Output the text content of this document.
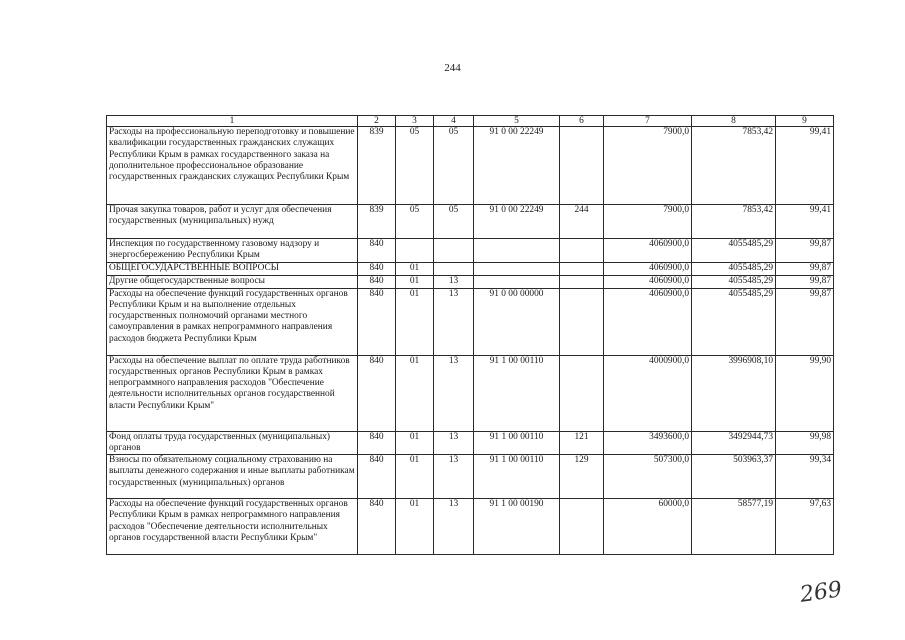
244
1	2	3	4	5	6	7	8	9
Расходы на профессиональную переподготовку и повышение квалификации государственных гражданских служащих Республики Крым в рамках государственного заказа на дополнительное профессиональное образование государственных гражданских служащих Республики Крым	839	05	05	91 0 00 22249		7900,0	7853,42	99,41
Прочая закупка товаров, работ и услуг для обеспечения государственных (муниципальных) нужд	839	05	05	91 0 00 22249	244	7900,0	7853,42	99,41
Инспекция по государственному газовому надзору и энергосбережению Республики Крым	840					4060900,0	4055485,29	99,87
ОБЩЕГОСУДАРСТВЕННЫЕ ВОПРОСЫ	840	01				4060900,0	4055485,29	99,87
Другие общегосударственные вопросы	840	01	13			4060900,0	4055485,29	99,87
Расходы на обеспечение функций государственных органов Республики Крым и на выполнение отдельных государственных полномочий органами местного самоуправления в рамках непрограммного направления расходов бюджета Республики Крым	840	01	13	91 0 00 00000		4060900,0	4055485,29	99,87
Расходы на обеспечение выплат по оплате труда работников государственных органов Республики Крым в рамках непрограммного направления расходов "Обеспечение деятельности исполнительных органов государственной власти Республики Крым"	840	01	13	91 1 00 00110		4000900,0	3996908,10	99,90
Фонд оплаты труда государственных (муниципальных) органов	840	01	13	91 1 00 00110	121	3493600,0	3492944,73	99,98
Взносы по обязательному социальному страхованию на выплаты денежного содержания и иные выплаты работникам государственных (муниципальных) органов	840	01	13	91 1 00 00110	129	507300,0	503963,37	99,34
Расходы на обеспечение функций государственных органов Республики Крым в рамках непрограммного направления расходов "Обеспечение деятельности исполнительных органов государственной власти Республики Крым"	840	01	13	91 1 00 00190		60000,0	58577,19	97,63
269
